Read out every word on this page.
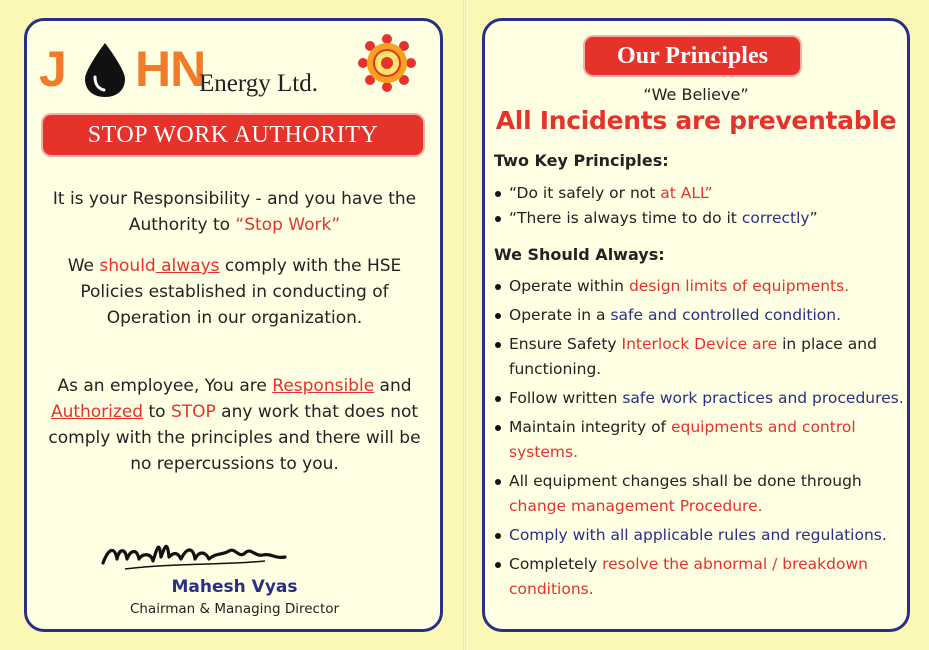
J HN
Energy Ltd.
STOP WORK AUTHORITY
It is your Responsibility - and you have the Authority to “Stop Work”
We should always comply with the HSE Policies established in conducting of Operation in our organization.
As an employee, You are Responsible and Authorized to STOP any work that does not comply with the principles and there will be no repercussions to you.
Mahesh Vyas
Chairman & Managing Director
Our Principles
“We Believe”
All Incidents are preventable
Two Key Principles:
“Do it safely or not at ALL”
“There is always time to do it correctly”
We Should Always:
Operate within design limits of equipments.
Operate in a safe and controlled condition.
Ensure Safety Interlock Device are in place and functioning.
Follow written safe work practices and procedures.
Maintain integrity of equipments and control systems.
All equipment changes shall be done through change management Procedure.
Comply with all applicable rules and regulations.
Completely resolve the abnormal / breakdown conditions.
